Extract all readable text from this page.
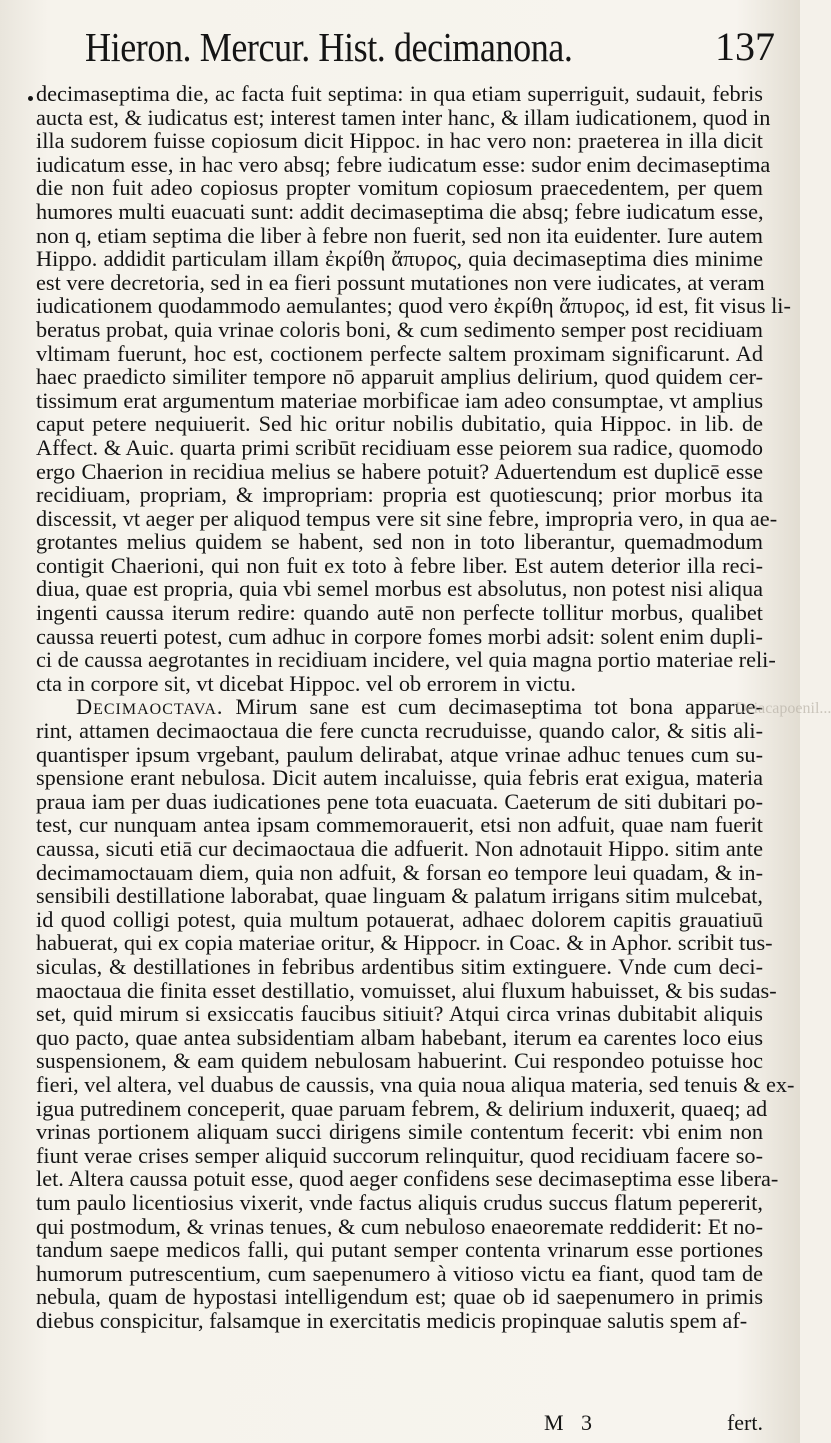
Hieron. Mercur. Hist. decimanona.	137
decimaseptima die, ac facta fuit septima: in qua etiam superriguit, sudauit, febris
aucta est, & iudicatus est; interest tamen inter hanc, & illam iudicationem, quod in
illa sudorem fuisse copiosum dicit Hippoc. in hac vero non: praeterea in illa dicit
iudicatum esse, in hac vero absq; febre iudicatum esse: sudor enim decimaseptima
die non fuit adeo copiosus propter vomitum copiosum praecedentem, per quem
humores multi euacuati sunt: addit decimaseptima die absq; febre iudicatum esse,
non q, etiam septima die liber à febre non fuerit, sed non ita euidenter. Iure autem
Hippo. addidit particulam illam ἐκρίθη ἄπυρος, quia decimaseptima dies minime
est vere decretoria, sed in ea fieri possunt mutationes non vere iudicates, at veram
iudicationem quodammodo aemulantes; quod vero ἐκρίθη ἄπυρος, id est, fit visus li-
beratus probat, quia vrinae coloris boni, & cum sedimento semper post recidiuam
vltimam fuerunt, hoc est, coctionem perfecte saltem proximam significarunt. Ad
haec praedicto similiter tempore nō apparuit amplius delirium, quod quidem cer-
tissimum erat argumentum materiae morbificae iam adeo consumptae, vt amplius
caput petere nequiuerit. Sed hic oritur nobilis dubitatio, quia Hippoc. in lib. de
Affect. & Auic. quarta primi scribūt recidiuam esse peiorem sua radice, quomodo
ergo Chaerion in recidiua melius se habere potuit? Aduertendum est duplicē esse
recidiuam, propriam, & impropriam: propria est quotiescunq; prior morbus ita
discessit, vt aeger per aliquod tempus vere sit sine febre, impropria vero, in qua ae-
grotantes melius quidem se habent, sed non in toto liberantur, quemadmodum
contigit Chaerioni, qui non fuit ex toto à febre liber. Est autem deterior illa reci-
diua, quae est propria, quia vbi semel morbus est absolutus, non potest nisi aliqua
ingenti caussa iterum redire: quando autē non perfecte tollitur morbus, qualibet
caussa reuerti potest, cum adhuc in corpore fomes morbi adsit: solent enim dupli-
ci de caussa aegrotantes in recidiuam incidere, vel quia magna portio materiae reli-
cta in corpore sit, vt dicebat Hippoc. vel ob errorem in victu.
Decimaoctava. Mirum sane est cum decimaseptima tot bona apparue-
rint, attamen decimaoctaua die fere cuncta recruduisse, quando calor, & sitis ali-
quantisper ipsum vrgebant, paulum delirabat, atque vrinae adhuc tenues cum su-
spensione erant nebulosa. Dicit autem incaluisse, quia febris erat exigua, materia
praua iam per duas iudicationes pene tota euacuata. Caeterum de siti dubitari po-
test, cur nunquam antea ipsam commemorauerit, etsi non adfuit, quae nam fuerit
caussa, sicuti etiā cur decimaoctaua die adfuerit. Non adnotauit Hippo. sitim ante
decimamoctauam diem, quia non adfuit, & forsan eo tempore leui quadam, & in-
sensibili destillatione laborabat, quae linguam & palatum irrigans sitim mulcebat,
id quod colligi potest, quia multum potauerat, adhaec dolorem capitis grauatiuū
habuerat, qui ex copia materiae oritur, & Hippocr. in Coac. & in Aphor. scribit tus-
siculas, & destillationes in febribus ardentibus sitim extinguere. Vnde cum deci-
maoctaua die finita esset destillatio, vomuisset, alui fluxum habuisset, & bis sudas-
set, quid mirum si exsiccatis faucibus sitiuit? Atqui circa vrinas dubitabit aliquis
quo pacto, quae antea subsidentiam albam habebant, iterum ea carentes loco eius
suspensionem, & eam quidem nebulosam habuerint. Cui respondeo potuisse hoc
fieri, vel altera, vel duabus de caussis, vna quia noua aliqua materia, sed tenuis & ex-
igua putredinem conceperit, quae paruam febrem, & delirium induxerit, quaeq; ad
vrinas portionem aliquam succi dirigens simile contentum fecerit: vbi enim non
fiunt verae crises semper aliquid succorum relinquitur, quod recidiuam facere so-
let. Altera caussa potuit esse, quod aeger confidens sese decimaseptima esse libera-
tum paulo licentiosius vixerit, vnde factus aliquis crudus succus flatum pepererit,
qui postmodum, & vrinas tenues, & cum nebuloso enaeoremate reddiderit: Et no-
tandum saepe medicos falli, qui putant semper contenta vrinarum esse portiones
humorum putrescentium, cum saepenumero à vitioso victu ea fiant, quod tam de
nebula, quam de hypostasi intelligendum est; quae ob id saepenumero in primis
diebus conspicitur, falsamque in exercitatis medicis propinquae salutis spem af-
Deiacapoenil...
M 3	fert.
